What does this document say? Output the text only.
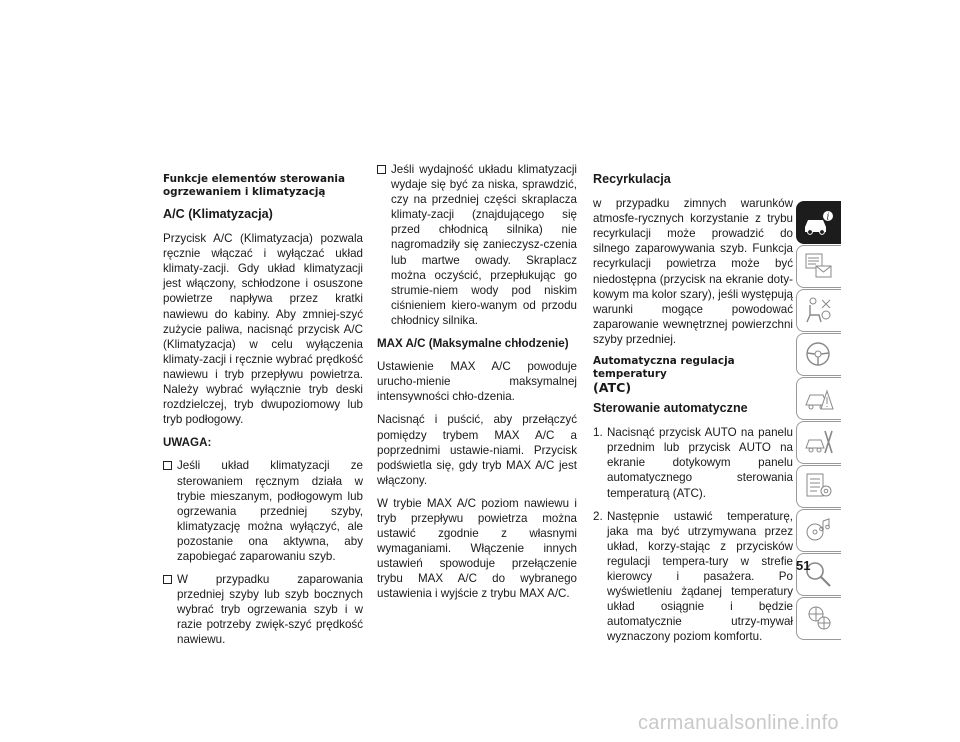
Funkcje elementów sterowania
ogrzewaniem i klimatyzacją
A/C (Klimatyzacja)

Przycisk A/C (Klimatyzacja) pozwala ręcznie włączać i wyłączać układ klimaty-zacji. Gdy układ klimatyzacji jest włączony, schłodzone i osuszone powietrze napływa przez kratki nawiewu do kabiny. Aby zmniej-szyć zużycie paliwa, nacisnąć przycisk A/C (Klimatyzacja) w celu wyłączenia klimaty-zacji i ręcznie wybrać prędkość nawiewu i tryb przepływu powietrza. Należy wybrać wyłącznie tryb deski rozdzielczej, tryb dwupoziomowy lub tryb podłogowy.

UWAGA:
Jeśli układ klimatyzacji ze sterowaniem ręcznym działa w trybie mieszanym, podłogowym lub ogrzewania przedniej szyby, klimatyzację można wyłączyć, ale pozostanie ona aktywna, aby zapobiegać zaparowaniu szyb.
W przypadku zaparowania przedniej szyby lub szyb bocznych wybrać tryb ogrzewania szyb i w razie potrzeby zwięk-szyć prędkość nawiewu.
Jeśli wydajność układu klimatyzacji wydaje się być za niska, sprawdzić, czy na przedniej części skraplacza klimaty-zacji (znajdującego się przed chłodnicą silnika) nie nagromadziły się zanieczysz-czenia lub martwe owady. Skraplacz można oczyścić, przepłukując go strumie-niem wody pod niskim ciśnieniem kiero-wanym od przodu chłodnicy silnika.
MAX A/C (Maksymalne chłodzenie)

Ustawienie MAX A/C powoduje urucho-mienie maksymalnej intensywności chło-dzenia.

Nacisnąć i puścić, aby przełączyć pomiędzy trybem MAX A/C a poprzednimi ustawie-niami. Przycisk podświetla się, gdy tryb MAX A/C jest włączony.

W trybie MAX A/C poziom nawiewu i tryb przepływu powietrza można ustawić zgodnie z własnymi wymaganiami. Włączenie innych ustawień spowoduje przełączenie trybu MAX A/C do wybranego ustawienia i wyjście z trybu MAX A/C.

Recyrkulacja

w przypadku zimnych warunków atmosfe-rycznych korzystanie z trybu recyrkulacji może prowadzić do silnego zaparowywania szyb. Funkcja recyrkulacji powietrza może być niedostępna (przycisk na ekranie doty-kowym ma kolor szary), jeśli występują warunki mogące powodować zaparowanie wewnętrznej powierzchni szyby przedniej.

Automatyczna regulacja temperatury
(ATC)
Sterowanie automatyczne
1. Nacisnąć przycisk AUTO na panelu przednim lub przycisk AUTO na ekranie dotykowym panelu automatycznego sterowania temperaturą (ATC).
2. Następnie ustawić temperaturę, jaka ma być utrzymywana przez układ, korzy-stając z przycisków regulacji tempera-tury w strefie kierowcy i pasażera. Po wyświetleniu żądanej temperatury układ osiągnie i będzie automatycznie utrzy-mywał wyznaczony poziom komfortu.
i
51
carmanualsonline.info
